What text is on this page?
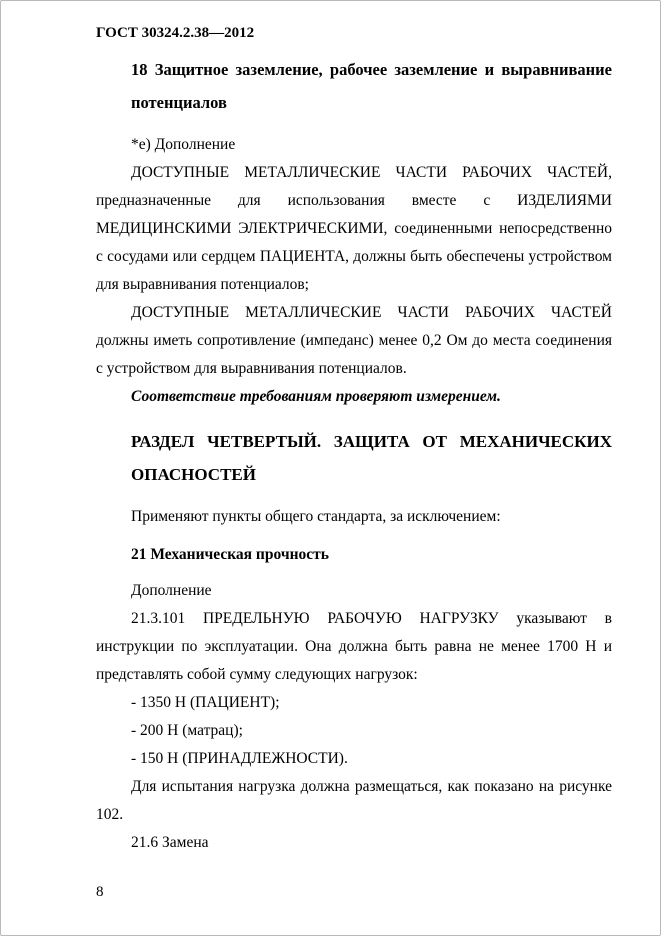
ГОСТ 30324.2.38—2012
18 Защитное заземление, рабочее заземление и выравнивание потенциалов

*е) Дополнение

ДОСТУПНЫЕ МЕТАЛЛИЧЕСКИЕ ЧАСТИ РАБОЧИХ ЧАСТЕЙ, предназначенные для использования вместе с ИЗДЕЛИЯМИ МЕДИЦИНСКИМИ ЭЛЕКТРИЧЕСКИМИ, соединенными непосредственно с сосудами или сердцем ПАЦИЕНТА, должны быть обеспечены устройством для выравнивания потенциалов;

ДОСТУПНЫЕ МЕТАЛЛИЧЕСКИЕ ЧАСТИ РАБОЧИХ ЧАСТЕЙ должны иметь сопротивление (импеданс) менее 0,2 Ом до места соединения с устройством для выравнивания потенциалов.

Соответствие требованиям проверяют измерением.

РАЗДЕЛ ЧЕТВЕРТЫЙ. ЗАЩИТА ОТ МЕХАНИЧЕСКИХ ОПАСНОСТЕЙ

Применяют пункты общего стандарта, за исключением:

21 Механическая прочность

Дополнение

21.3.101 ПРЕДЕЛЬНУЮ РАБОЧУЮ НАГРУЗКУ указывают в инструкции по эксплуатации. Она должна быть равна не менее 1700 Н и представлять собой сумму следующих нагрузок:

- 1350 Н (ПАЦИЕНТ);

- 200 Н (матрац);

- 150 Н (ПРИНАДЛЕЖНОСТИ).

Для испытания нагрузка должна размещаться, как показано на рисунке 102.

21.6 Замена

8
